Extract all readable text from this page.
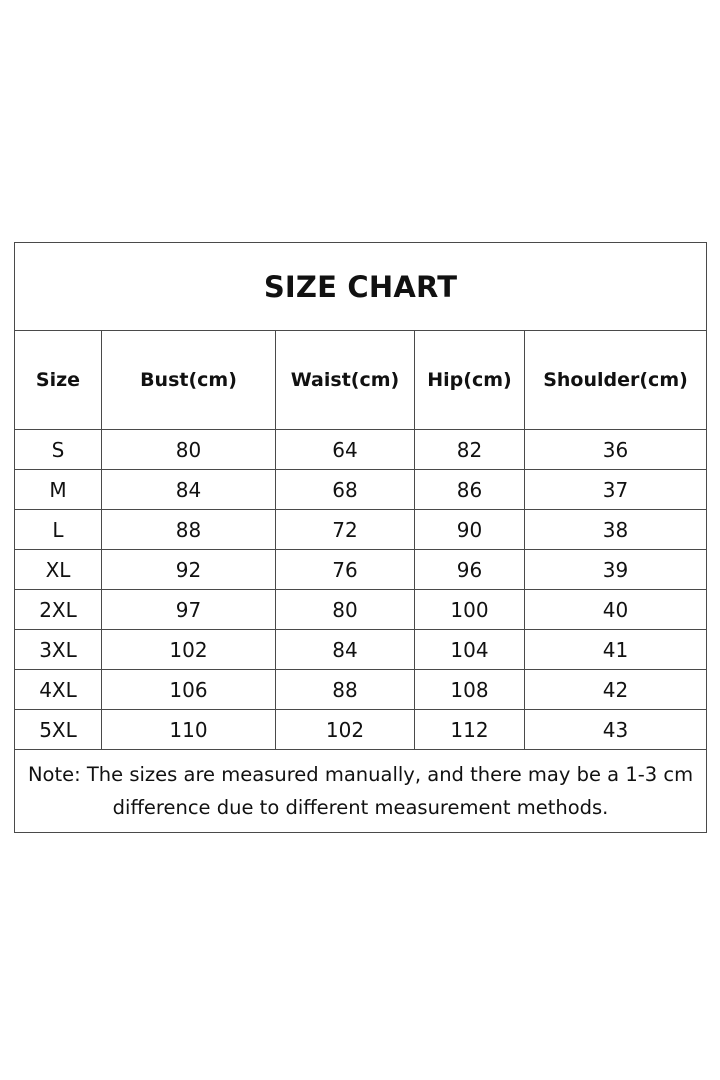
SIZE CHART				
Size	Bust(cm)	Waist(cm)	Hip(cm)	Shoulder(cm)
S	80	64	82	36
M	84	68	86	37
L	88	72	90	38
XL	92	76	96	39
2XL	97	80	100	40
3XL	102	84	104	41
4XL	106	88	108	42
5XL	110	102	112	43
Note: The sizes are measured manually, and there may be a 1-3 cm difference due to different measurement methods.				
